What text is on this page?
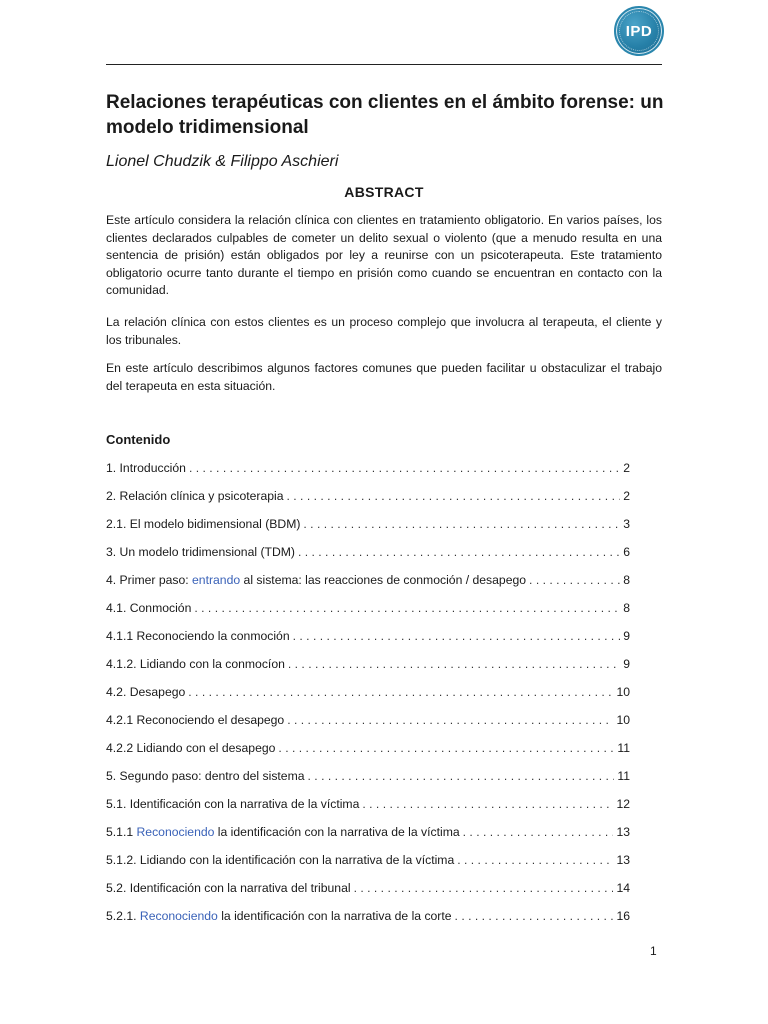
IPD
Relaciones terapéuticas con clientes en el ámbito forense: un modelo tridimensional
Lionel Chudzik & Filippo Aschieri
ABSTRACT

Este artículo considera la relación clínica con clientes en tratamiento obligatorio. En varios países, los clientes declarados culpables de cometer un delito sexual o violento (que a menudo resulta en una sentencia de prisión) están obligados por ley a reunirse con un psicoterapeuta. Este tratamiento obligatorio ocurre tanto durante el tiempo en prisión como cuando se encuentran en contacto con la comunidad.

La relación clínica con estos clientes es un proceso complejo que involucra al terapeuta, el cliente y los tribunales.

En este artículo describimos algunos factores comunes que pueden facilitar u obstaculizar el trabajo del terapeuta en esta situación.

Contenido
1. Introducción . . .	2
2. Relación clínica y psicoterapia . . .	2
2.1. El modelo bidimensional (BDM) . . .	3
3. Un modelo tridimensional (TDM) . . .	6
4. Primer paso: entrando al sistema: las reacciones de conmoción / desapego . . .	8
4.1. Conmoción . . .	8
4.1.1 Reconociendo la conmoción . . .	9
4.1.2. Lidiando con la conmocíon . . .	9
4.2. Desapego . . .	10
4.2.1 Reconociendo el desapego . . .	10
4.2.2 Lidiando con el desapego . . .	11
5. Segundo paso: dentro del sistema . . .	11
5.1. Identificación con la narrativa de la víctima . . .	12
5.1.1 Reconociendo la identificación con la narrativa de la víctima . . .	13
5.1.2. Lidiando con la identificación con la narrativa de la víctima . . .	13
5.2. Identificación con la narrativa del tribunal . . .	14
5.2.1. Reconociendo la identificación con la narrativa de la corte . . .	16
1
